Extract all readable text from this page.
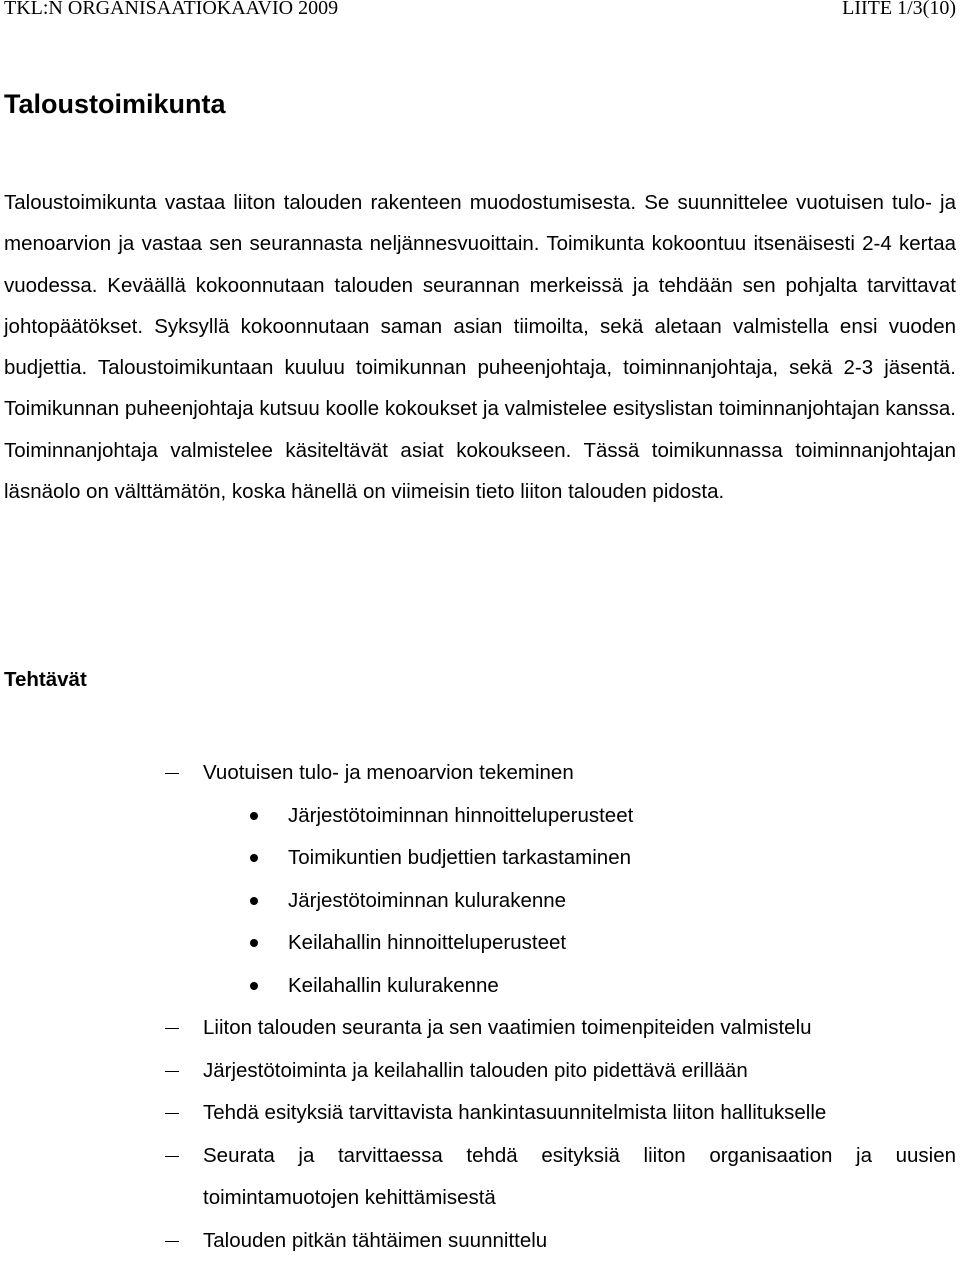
TKL:N ORGANISAATIOKAAVIO 2009	LIITE 1/3(10)
Taloustoimikunta

Taloustoimikunta vastaa liiton talouden rakenteen muodostumisesta. Se suunnittelee vuotuisen tulo- ja menoarvion ja vastaa sen seurannasta neljännesvuoittain. Toimikunta kokoontuu itsenäisesti 2-4 kertaa vuodessa. Keväällä kokoonnutaan talouden seurannan merkeissä ja tehdään sen pohjalta tarvittavat johtopäätökset. Syksyllä kokoonnutaan saman asian tiimoilta, sekä aletaan valmistella ensi vuoden budjettia. Taloustoimikuntaan kuuluu toimikunnan puheenjohtaja, toiminnanjohtaja, sekä 2-3 jäsentä. Toimikunnan puheenjohtaja kutsuu koolle kokoukset ja valmistelee esityslistan toiminnanjohtajan kanssa. Toiminnanjohtaja valmistelee käsiteltävät asiat kokoukseen. Tässä toimikunnassa toiminnanjohtajan läsnäolo on välttämätön, koska hänellä on viimeisin tieto liiton talouden pidosta.

Tehtävät
Vuotuisen tulo- ja menoarvion tekeminen
Järjestötoiminnan hinnoitteluperusteet
Toimikuntien budjettien tarkastaminen
Järjestötoiminnan kulurakenne
Keilahallin hinnoitteluperusteet
Keilahallin kulurakenne
Liiton talouden seuranta ja sen vaatimien toimenpiteiden valmistelu
Järjestötoiminta ja keilahallin talouden pito pidettävä erillään
Tehdä esityksiä tarvittavista hankintasuunnitelmista liiton hallitukselle
Seurata ja tarvittaessa tehdä esityksiä liiton organisaation ja uusien toimintamuotojen kehittämisestä
Talouden pitkän tähtäimen suunnittelu
